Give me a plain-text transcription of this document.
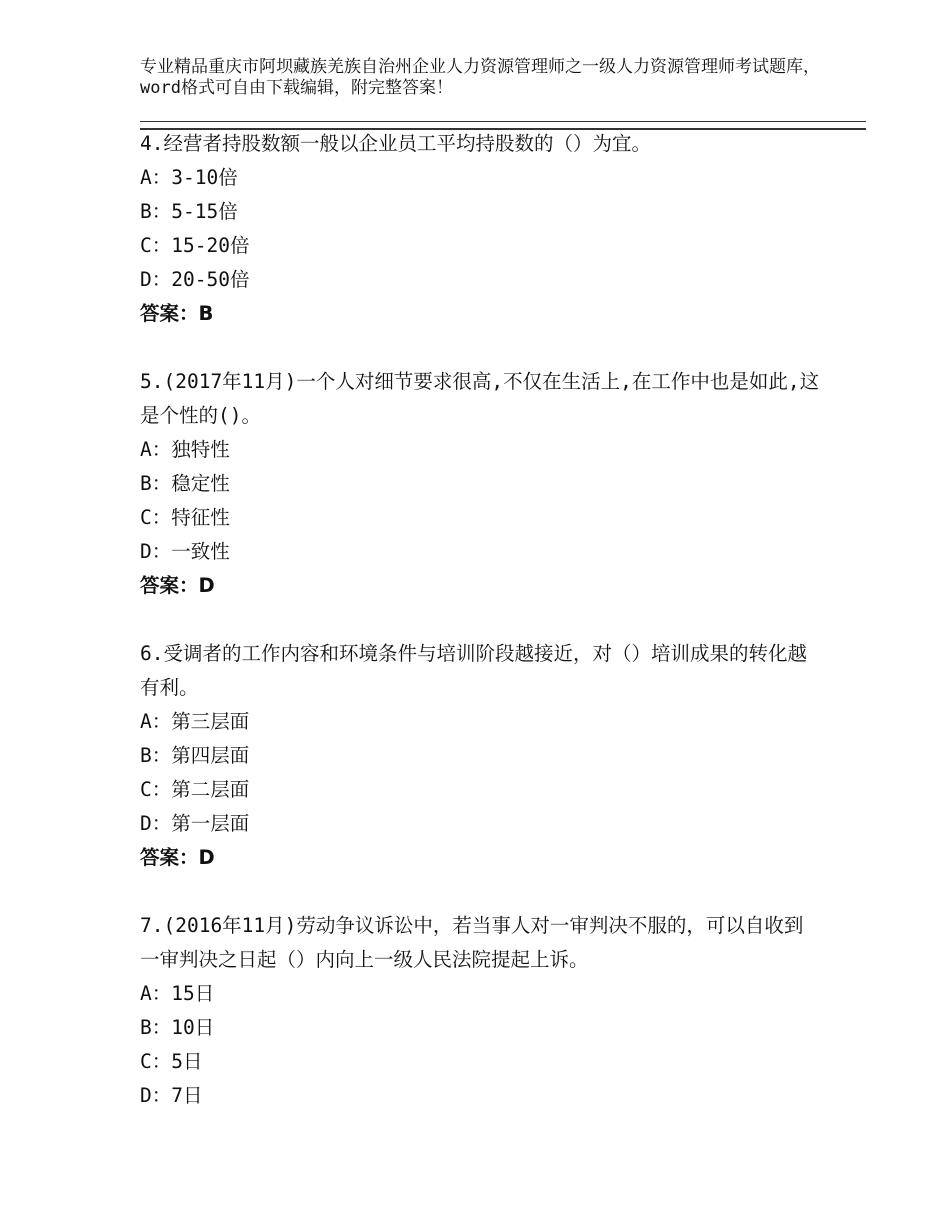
专业精品重庆市阿坝藏族羌族自治州企业人力资源管理师之一级人力资源管理师考试题库，word格式可自由下载编辑，附完整答案！

4.经营者持股数额一般以企业员工平均持股数的（）为宜。

A：3-10倍

B：5-15倍

C：15-20倍

D：20-50倍

答案：B

5.(2017年11月)一个人对细节要求很高,不仅在生活上,在工作中也是如此,这是个性的()。

A：独特性

B：稳定性

C：特征性

D：一致性

答案：D

6.受调者的工作内容和环境条件与培训阶段越接近，对（）培训成果的转化越有利。

A：第三层面

B：第四层面

C：第二层面

D：第一层面

答案：D

7.(2016年11月)劳动争议诉讼中，若当事人对一审判决不服的，可以自收到一审判决之日起（）内向上一级人民法院提起上诉。

A：15日

B：10日

C：5日

D：7日
